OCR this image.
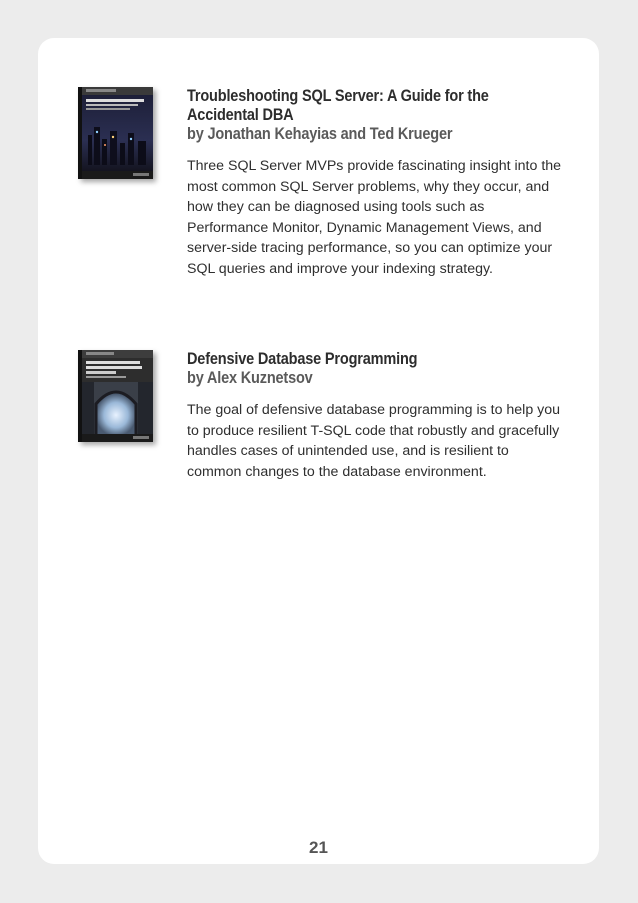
Troubleshooting SQL Server: A Guide for the
Accidental DBA
by Jonathan Kehayias and Ted Krueger
Three SQL Server MVPs provide fascinating insight into the most common SQL Server problems, why they occur, and how they can be diagnosed using tools such as Performance Monitor, Dynamic Management Views, and server-side tracing performance, so you can optimize your SQL queries and improve your indexing strategy.
Defensive Database Programming
by Alex Kuznetsov
The goal of defensive database programming is to help you to produce resilient T-SQL code that robustly and gracefully handles cases of unintended use, and is resilient to common changes to the database environment.
21
